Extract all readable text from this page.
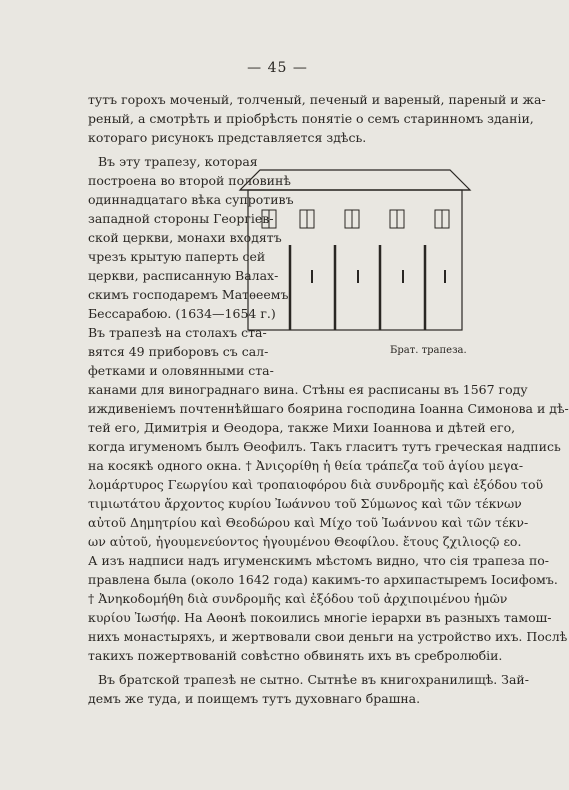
— 45 —
тутъ горохъ моченый, толченый, печеный и вареный, пареный и жа-
реный, а смотрѣть и пріобрѣсть понятіе о семъ старинномъ зданіи,
котораго рисунокъ представляется здѣсь.
Въ эту трапезу, которая
построена во второй половинѣ
одиннадцатаго вѣка супротивъ
западной стороны Георгіев-
ской церкви, монахи входятъ
чрезъ крытую паперть сей
церкви, расписанную Валах-
скимъ господаремъ Матѳеемъ
Бессарабою. (1634—1654 г.)
Въ трапезѣ на столахъ ста-
вятся 49 приборовъ съ сал-
фетками и оловянными ста-
канами для винограднаго вина. Стѣны ея расписаны въ 1567 году
иждивеніемъ почтеннѣйшаго боярина господина Іоанна Симонова и дѣ-
тей его, Димитрія и Ѳеодора, также Михи Іоаннова и дѣтей его,
когда игуменомъ былъ Ѳеофилъ. Такъ гласитъ тутъ греческая надпись
на косякѣ одного окна. † Ἀνιςορίθη ἡ θεία τράπεζα τοῦ ἁγίου μεγα-
λομάρτυρος Γεωργίου καὶ τροπαιοφόρου διὰ συνδρομῆς καὶ ἐξόδου τοῦ
τιμιωτάτου ἄρχοντος κυρίου Ἰωάννου τοῦ Σύμωνος καὶ τῶν τέκνων
αὐτοῦ Δημητρίου καὶ Θεοδώρου καὶ Μίχο τοῦ Ἰωάννου καὶ τῶν τέκν-
ων αὐτοῦ, ἡγουμενεύοντος ἡγουμένου Θεοφίλου. ἔτους ζχιλιοςῷ εο.
А изъ надписи надъ игуменскимъ мѣстомъ видно, что сія трапеза по-
правлена была (около 1642 года) какимъ-то архипастыремъ Іосифомъ.
† Ἀνηκοδομήθη διὰ συνδρομῆς καὶ ἐξόδου τοῦ ἀρχιποιμένου ἡμῶν
κυρίου Ἰωσήφ. На Аѳонѣ покоились многіе іерархи въ разныхъ тамош-
нихъ монастыряхъ, и жертвовали свои деньги на устройство ихъ. Послѣ
такихъ пожертвованій совѣстно обвинять ихъ въ сребролюбіи.
Въ братской трапезѣ не сытно. Сытнѣе въ книгохранилищѣ. Зай-
демъ же туда, и поищемъ тутъ духовнаго брашна.
Брат. трапеза.
